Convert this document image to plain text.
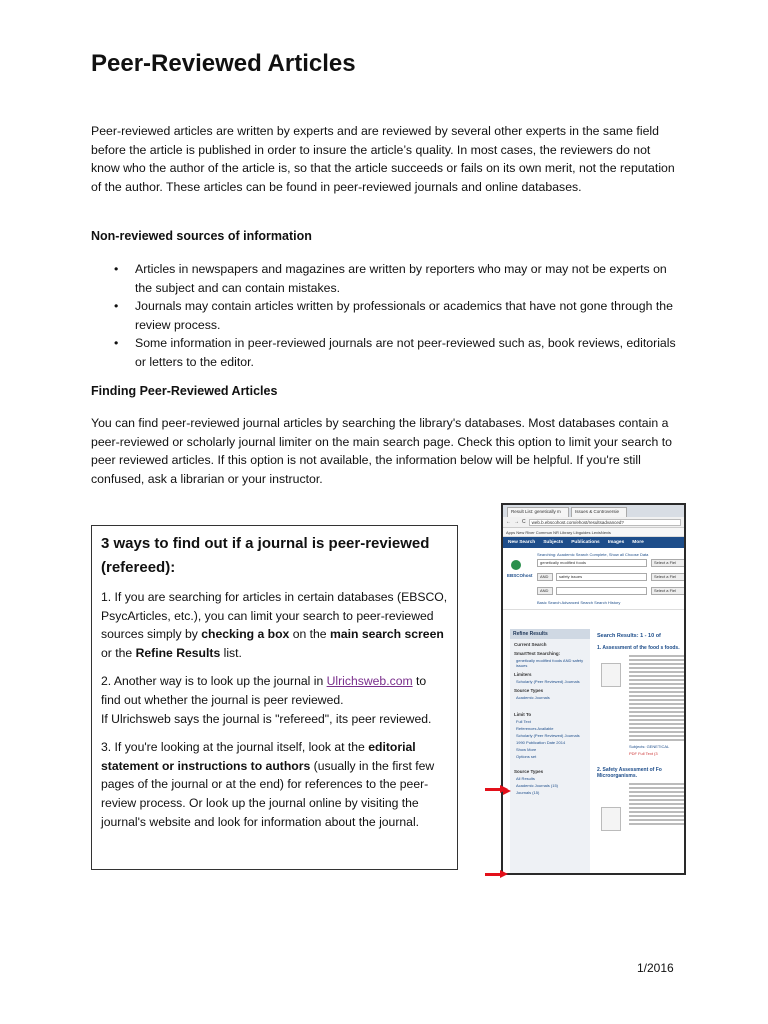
Peer-Reviewed Articles
Peer-reviewed articles are written by experts and are reviewed by several other experts in the same field before the article is published in order to insure the article’s quality. In most cases, the reviewers do not know who the author of the article is, so that the article succeeds or fails on its own merit, not the reputation of the author. These articles can be found in peer-reviewed journals and online databases.
Non-reviewed sources of information
• Articles in newspapers and magazines are written by reporters who may or may not be experts on the subject and can contain mistakes.
• Journals may contain articles written by professionals or academics that have not gone through the review process.
• Some information in peer-reviewed journals are not peer-reviewed such as, book reviews, editorials or letters to the editor.
Finding Peer-Reviewed Articles
You can find peer-reviewed journal articles by searching the library's databases. Most databases contain a peer-reviewed or scholarly journal limiter on the main search page. Check this option to limit your search to peer reviewed articles. If this option is not available, the information below will be helpful. If you're still confused, ask a librarian or your instructor.
3 ways to find out if a journal is peer-reviewed (refereed):

1. If you are searching for articles in certain databases (EBSCO, PsycArticles, etc.), you can limit your search to peer-reviewed sources simply by checking a box on the main search screen or the Refine Results list.

2. Another way is to look up the journal in Ulrichsweb.com to find out whether the journal is peer reviewed.

If Ulrichsweb says the journal is "refereed", its peer reviewed.

3. If you're looking at the journal itself, look at the editorial statement or instructions to authors (usually in the first few pages of the journal or at the end) for references to the peer-review process. Or look up the journal online by visiting the journal's website and look for information about the journal.

Result List: genetically m	Issues & Controversie
← → C	web.b.ebscohost.com/ehost/resultsadvanced?
Apps New River Commun NR Library Libguides LexisNexis
New Search Subjects Publications Images More
EBSCOhost
Searching: Academic Search Complete, Show all Choose Data
genetically modified foods	Select a Fiel
AND	safety issues	Select a Fiel
AND	Select a Fiel
Basic Search Advanced Search Search History
Refine Results
Current Search
SmartText Searching:
genetically modified foods AND safety issues
Limiters
Scholarly (Peer Reviewed) Journals
Source Types
Academic Journals
Limit To
Full Text
References Available
Scholarly (Peer Reviewed) Journals
1990 Publication Date 2014
Show More
Options set
Source Types
All Results
Academic Journals (15)
Journals (15)
Search Results: 1 - 10 of
1. Assessment of the food s foods.
Subjects: GENETICAL
PDF Full Text (3
2. Safety Assessment of Fo Microorganisms.
1/2016
